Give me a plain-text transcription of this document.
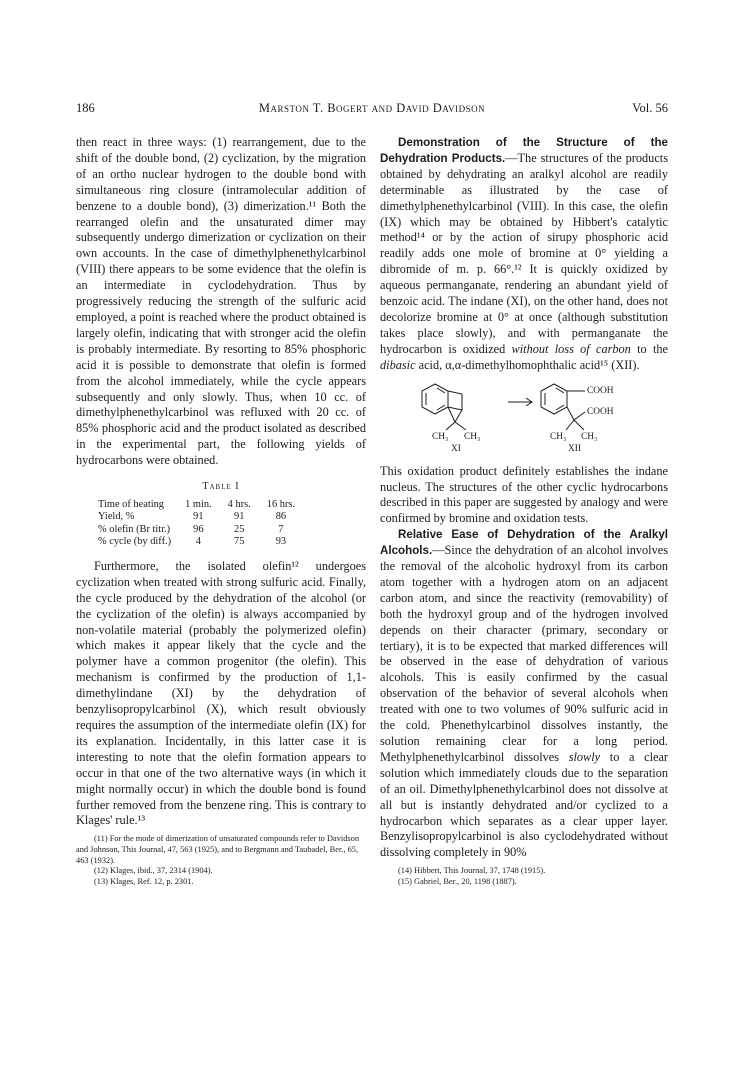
186	Marston T. Bogert and David Davidson	Vol. 56

then react in three ways: (1) rearrangement, due to the shift of the double bond, (2) cyclization, by the migration of an ortho nuclear hydrogen to the double bond with simultaneous ring closure (intramolecular addition of benzene to a double bond), (3) dimerization.¹¹ Both the rearranged olefin and the unsaturated dimer may subsequently undergo dimerization or cyclization on their own accounts. In the case of dimethylphenethylcarbinol (VIII) there appears to be some evidence that the olefin is an intermediate in cyclodehydration. Thus by progressively reducing the strength of the sulfuric acid employed, a point is reached where the product obtained is largely olefin, indicating that with stronger acid the olefin is probably intermediate. By resorting to 85% phosphoric acid it is possible to demonstrate that olefin is formed from the alcohol immediately, while the cycle appears subsequently and only slowly. Thus, when 10 cc. of dimethylphenethylcarbinol was refluxed with 20 cc. of 85% phosphoric acid and the product isolated as described in the experimental part, the following yields of hydrocarbons were obtained.

Table I
Time of heating	1 min.	4 hrs.	16 hrs.
Yield, %	91	91	86
% olefin (Br titr.)	96	25	7
% cycle (by diff.)	4	75	93

Furthermore, the isolated olefin¹² undergoes cyclization when treated with strong sulfuric acid. Finally, the cycle produced by the dehydration of the alcohol (or the cyclization of the olefin) is always accompanied by non-volatile material (probably the polymerized olefin) which makes it appear likely that the cycle and the polymer have a common progenitor (the olefin). This mechanism is confirmed by the production of 1,1-dimethylindane (XI) by the dehydration of benzylisopropylcarbinol (X), which result obviously requires the assumption of the intermediate olefin (IX) for its explanation. Incidentally, in this latter case it is interesting to note that the olefin formation appears to occur in that one of the two alternative ways (in which it might normally occur) in which the double bond is found further removed from the benzene ring. This is contrary to Klages' rule.¹³

(11) For the mode of dimerization of unsaturated compounds refer to Davidson and Johnson, This Journal, 47, 563 (1925), and to Bergmann and Taubadel, Ber., 65, 463 (1932).
(12) Klages, ibid., 37, 2314 (1904).
(13) Klages, Ref. 12, p. 2301.

Demonstration of the Structure of the Dehydration Products.—The structures of the products obtained by dehydrating an aralkyl alcohol are readily determinable as illustrated by the case of dimethylphenethylcarbinol (VIII). In this case, the olefin (IX) which may be obtained by Hibbert's catalytic method¹⁴ or by the action of sirupy phosphoric acid readily adds one mole of bromine at 0° yielding a dibromide of m. p. 66°.¹² It is quickly oxidized by aqueous permanganate, rendering an abundant yield of benzoic acid. The indane (XI), on the other hand, does not decolorize bromine at 0° at once (although substitution takes place slowly), and with permanganate the hydrocarbon is oxidized without loss of carbon to the dibasic acid, α,α-dimethylhomophthalic acid¹⁵ (XII).

COOH
COOH
CH₃ CH₃	CH₃ CH₃
XI	XII

This oxidation product definitely establishes the indane nucleus. The structures of the other cyclic hydrocarbons described in this paper are suggested by analogy and were confirmed by bromine and oxidation tests.

Relative Ease of Dehydration of the Aralkyl Alcohols.—Since the dehydration of an alcohol involves the removal of the alcoholic hydroxyl from its carbon atom together with a hydrogen atom on an adjacent carbon atom, and since the reactivity (removability) of both the hydroxyl group and of the hydrogen involved depends on their character (primary, secondary or tertiary), it is to be expected that marked differences will be observed in the ease of dehydration of various alcohols. This is easily confirmed by the casual observation of the behavior of several alcohols when treated with one to two volumes of 90% sulfuric acid in the cold. Phenethylcarbinol dissolves instantly, the solution remaining clear for a long period. Methylphenethylcarbinol dissolves slowly to a clear solution which immediately clouds due to the separation of an oil. Dimethylphenethylcarbinol does not dissolve at all but is instantly dehydrated and/or cyclized to a hydrocarbon which separates as a clear upper layer. Benzylisopropylcarbinol is also cyclodehydrated without dissolving completely in 90%

(14) Hibbert, This Journal, 37, 1748 (1915).
(15) Gabriel, Ber., 20, 1198 (1887).
